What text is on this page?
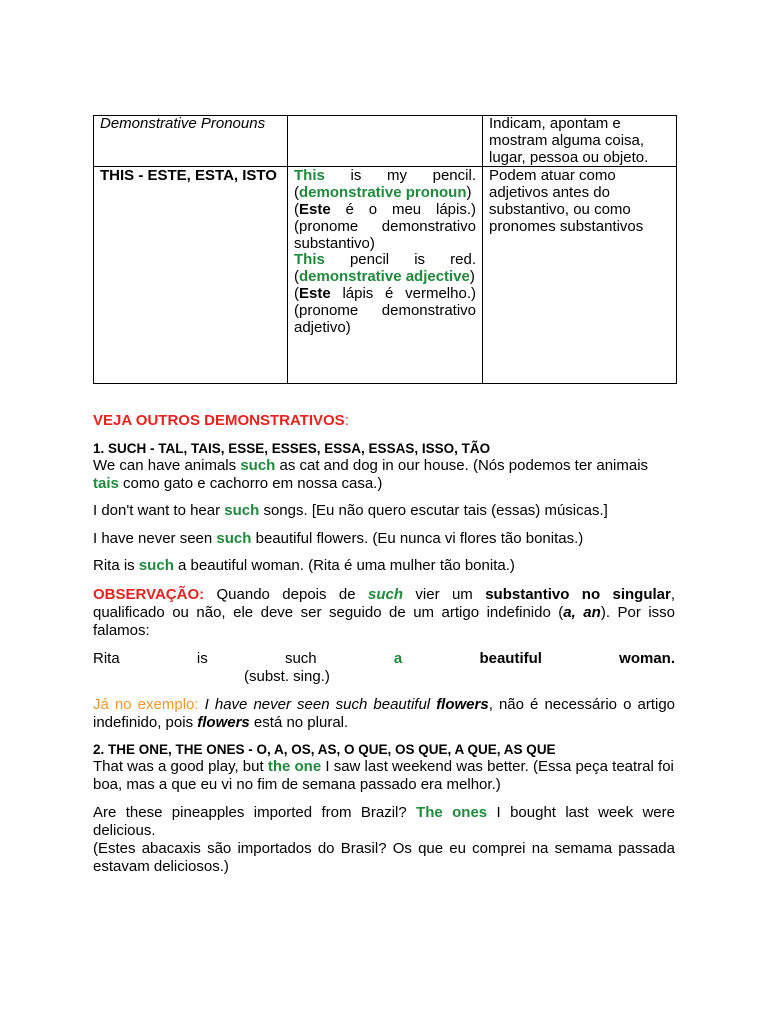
Demonstrative Pronouns		Indicam, apontam e mostram alguma coisa, lugar, pessoa ou objeto.
THIS - ESTE, ESTA, ISTO	This is my pencil. (demonstrative pronoun)
(Este é o meu lápis.) (pronome demonstrativo substantivo)
This pencil is red. (demonstrative adjective)
(Este lápis é vermelho.) (pronome demonstrativo adjetivo)	Podem atuar como adjetivos antes do substantivo, ou como pronomes substantivos
VEJA OUTROS DEMONSTRATIVOS:
1. SUCH - TAL, TAIS, ESSE, ESSES, ESSA, ESSAS, ISSO, TÃO
We can have animals such as cat and dog in our house. (Nós podemos ter animais tais como gato e cachorro em nossa casa.)
I don't want to hear such songs. [Eu não quero escutar tais (essas) músicas.]
I have never seen such beautiful flowers. (Eu nunca vi flores tão bonitas.)
Rita is such a beautiful woman. (Rita é uma mulher tão bonita.)
OBSERVAÇÃO: Quando depois de such vier um substantivo no singular, qualificado ou não, ele deve ser seguido de um artigo indefinido (a, an). Por isso falamos:
Rita	is	such	a	beautiful	woman.
(subst. sing.)
Já no exemplo: I have never seen such beautiful flowers, não é necessário o artigo indefinido, pois flowers está no plural.
2. THE ONE, THE ONES - O, A, OS, AS, O QUE, OS QUE, A QUE, AS QUE
That was a good play, but the one I saw last weekend was better. (Essa peça teatral foi boa, mas a que eu vi no fim de semana passado era melhor.)
Are these pineapples imported from Brazil? The ones I bought last week were delicious.
(Estes abacaxis são importados do Brasil? Os que eu comprei na semama passada estavam deliciosos.)
